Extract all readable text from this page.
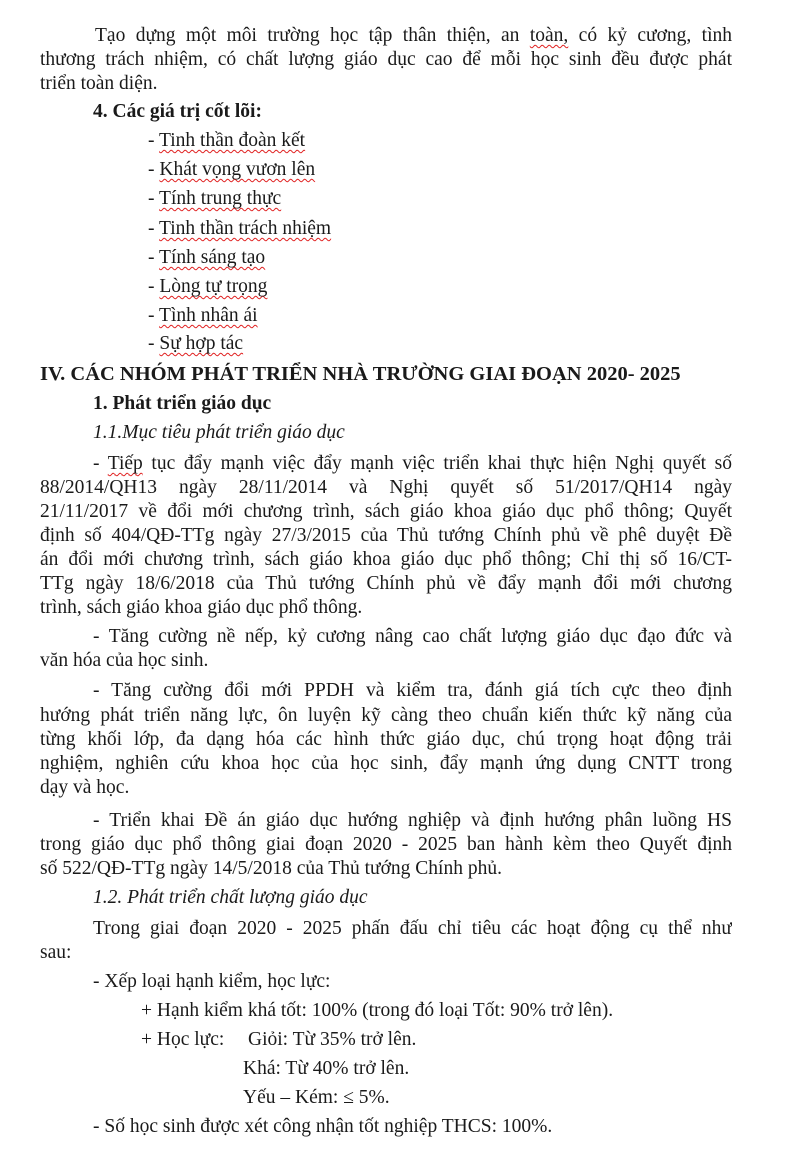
Tạo dựng một môi trường học tập thân thiện, an toàn, có kỷ cương, tình
thương trách nhiệm, có chất lượng giáo dục cao để mỗi học sinh đều được phát
triển toàn diện.
4. Các giá trị cốt lõi:
- Tinh thần đoàn kết
- Khát vọng vươn lên
- Tính trung thực
- Tinh thần trách nhiệm
- Tính sáng tạo
- Lòng tự trọng
- Tình nhân ái
- Sự hợp tác
IV. CÁC NHÓM PHÁT TRIỂN NHÀ TRƯỜNG GIAI ĐOẠN 2020- 2025
1. Phát triển giáo dục
1.1.Mục tiêu phát triển giáo dục
- Tiếp tục đẩy mạnh việc đẩy mạnh việc triển khai thực hiện Nghị quyết số
88/2014/QH13 ngày 28/11/2014 và Nghị quyết số 51/2017/QH14 ngày
21/11/2017 về đổi mới chương trình, sách giáo khoa giáo dục phổ thông; Quyết
định số 404/QĐ-TTg ngày 27/3/2015 của Thủ tướng Chính phủ về phê duyệt Đề
án đổi mới chương trình, sách giáo khoa giáo dục phổ thông; Chỉ thị số 16/CT-
TTg ngày 18/6/2018 của Thủ tướng Chính phủ về đẩy mạnh đổi mới chương
trình, sách giáo khoa giáo dục phổ thông.
- Tăng cường nề nếp, kỷ cương nâng cao chất lượng giáo dục đạo đức và
văn hóa của học sinh.
- Tăng cường đổi mới PPDH và kiểm tra, đánh giá tích cực theo định
hướng phát triển năng lực, ôn luyện kỹ càng theo chuẩn kiến thức kỹ năng của
từng khối lớp, đa dạng hóa các hình thức giáo dục, chú trọng hoạt động trải
nghiệm, nghiên cứu khoa học của học sinh, đẩy mạnh ứng dụng CNTT trong
dạy và học.
- Triển khai Đề án giáo dục hướng nghiệp và định hướng phân luồng HS
trong giáo dục phổ thông giai đoạn 2020 - 2025 ban hành kèm theo Quyết định
số 522/QĐ-TTg ngày 14/5/2018 của Thủ tướng Chính phủ.
1.2. Phát triển chất lượng giáo dục
Trong giai đoạn 2020 - 2025 phấn đấu chỉ tiêu các hoạt động cụ thể như
sau:
- Xếp loại hạnh kiểm, học lực:
+ Hạnh kiểm khá tốt: 100% (trong đó loại Tốt: 90% trở lên).
+ Học lực: Giỏi: Từ 35% trở lên.
Khá: Từ 40% trở lên.
Yếu – Kém: ≤ 5%.
- Số học sinh được xét công nhận tốt nghiệp THCS: 100%.
